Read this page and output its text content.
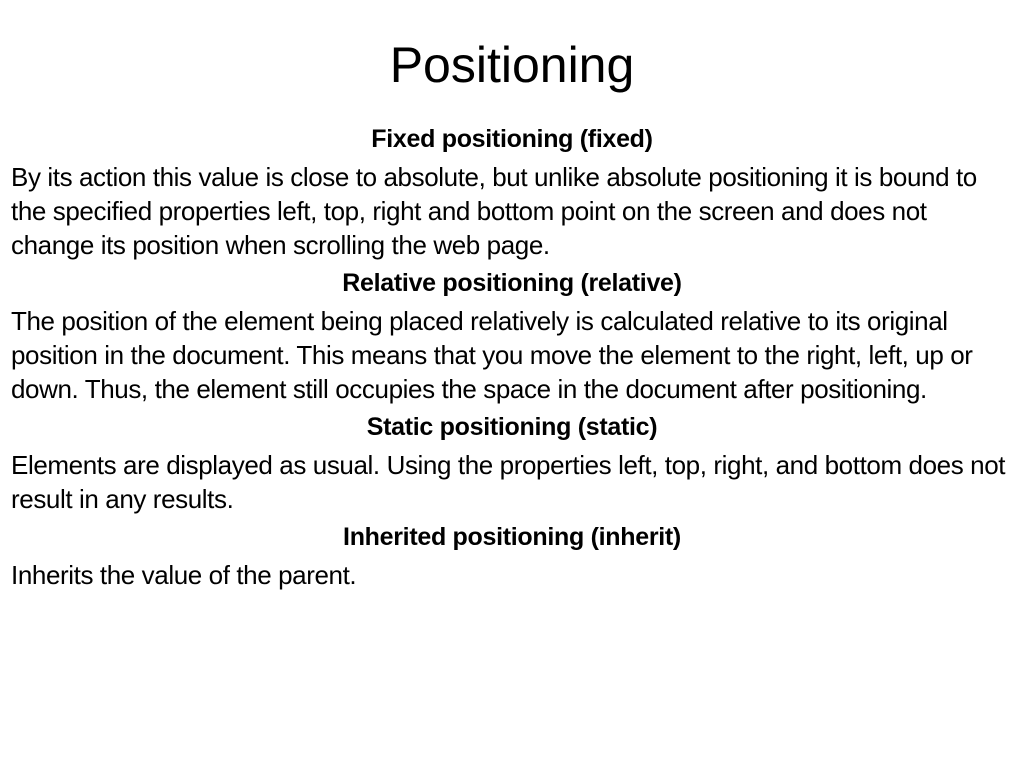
Positioning

Fixed positioning (fixed)

By its action this value is close to absolute, but unlike absolute positioning it is bound to the specified properties left, top, right and bottom point on the screen and does not change its position when scrolling the web page.

Relative positioning (relative)

The position of the element being placed relatively is calculated relative to its original position in the document. This means that you move the element to the right, left, up or down. Thus, the element still occupies the space in the document after positioning.

Static positioning (static)

Elements are displayed as usual. Using the properties left, top, right, and bottom does not result in any results.

Inherited positioning (inherit)

Inherits the value of the parent.
